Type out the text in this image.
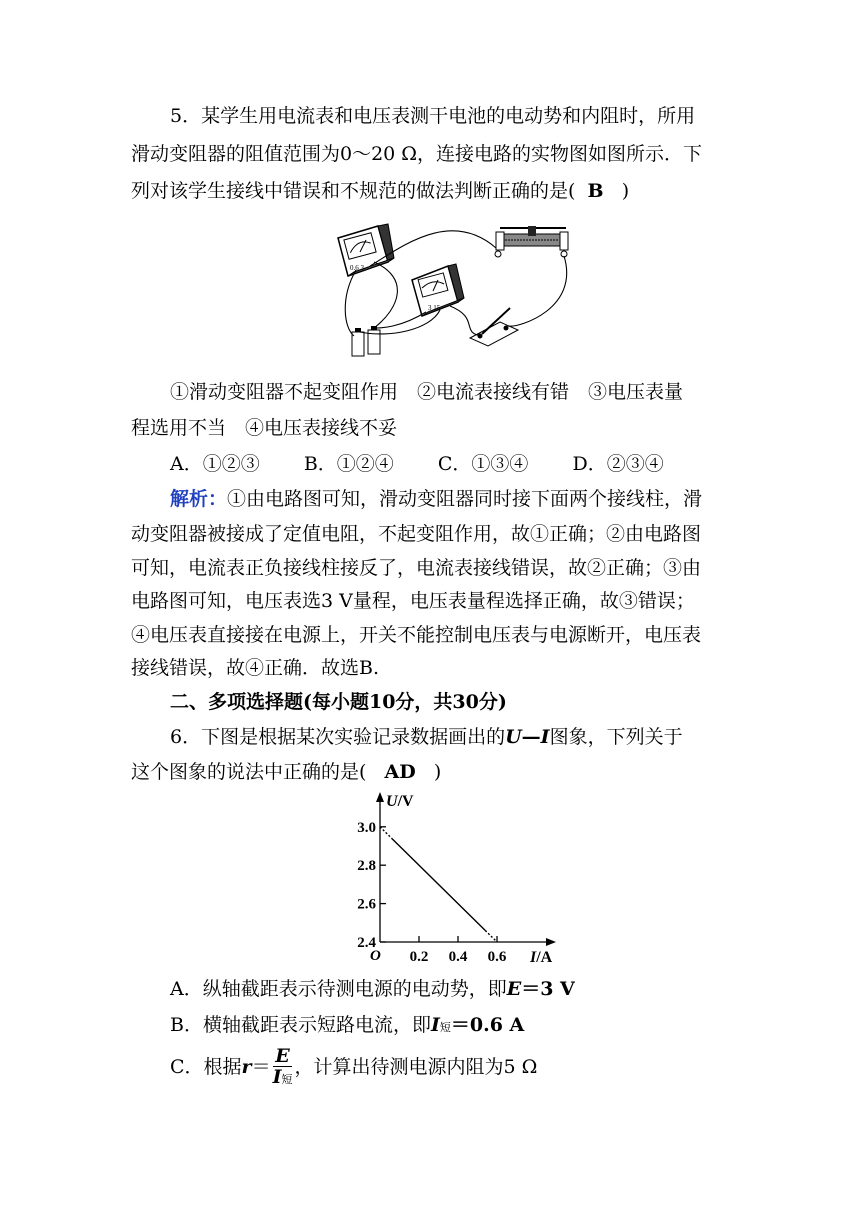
5．某学生用电流表和电压表测干电池的电动势和内阻时，所用
滑动变阻器的阻值范围为0～20 Ω，连接电路的实物图如图所示．下
列对该学生接线中错误和不规范的做法判断正确的是( B )
0.6 3
3 15
①滑动变阻器不起变阻作用　②电流表接线有错　③电压表量
程选用不当　④电压表接线不妥
A．①②③ B．①②④ C．①③④ D．②③④
解析：①由电路图可知，滑动变阻器同时接下面两个接线柱，滑
动变阻器被接成了定值电阻，不起变阻作用，故①正确；②由电路图
可知，电流表正负接线柱接反了，电流表接线错误，故②正确；③由
电路图可知，电压表选3 V量程，电压表量程选择正确，故③错误；
④电压表直接接在电源上，开关不能控制电压表与电源断开，电压表
接线错误，故④正确．故选B.
二、多项选择题(每小题10分，共30分)
6．下图是根据某次实验记录数据画出的U—I图象，下列关于
这个图象的说法中正确的是( AD )
U/V
I/A
O
2.4
2.6
2.8
3.0
0.2 0.4 0.6
A．纵轴截距表示待测电源的电动势，即E＝3 V
B．横轴截距表示短路电流，即I短＝0.6 A
C．根据$r= \frac{E}{\text{I短}}$ ，计算出待测电源内阻为5 Ω
